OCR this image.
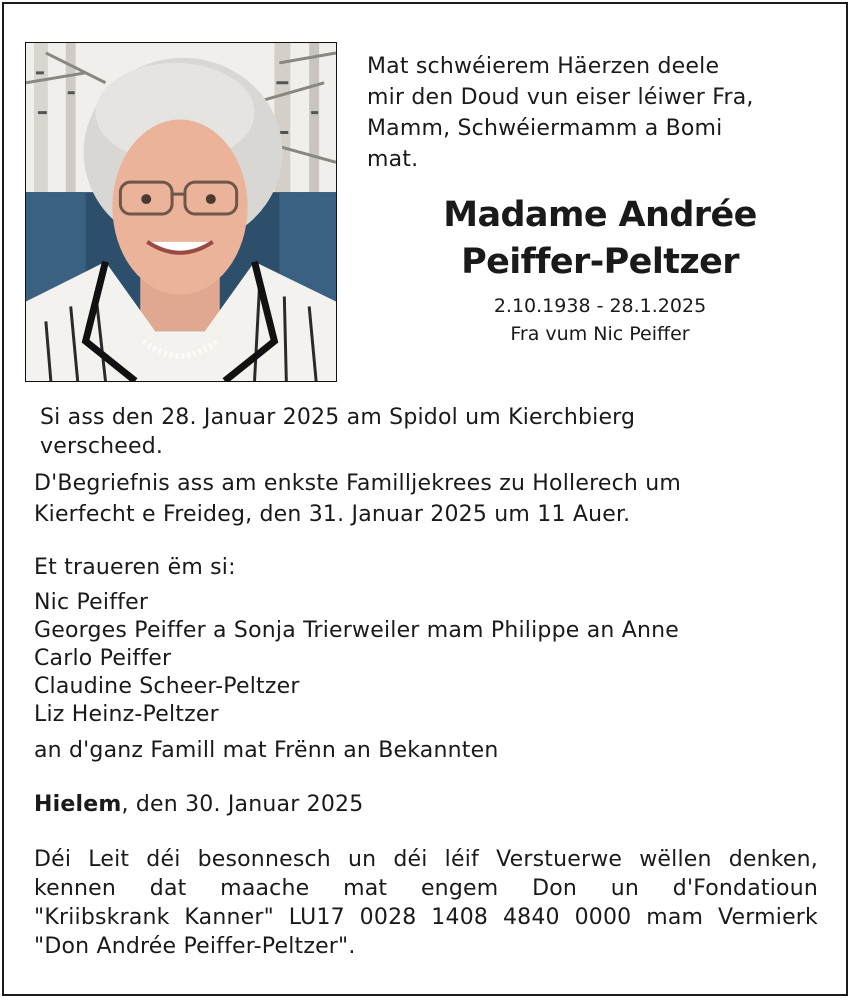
Mat schwéierem Häerzen deele
mir den Doud vun eiser léiwer Fra,
Mamm, Schwéiermamm a Bomi
mat.
Madame Andrée
Peiffer-Peltzer
2.10.1938 - 28.1.2025
Fra vum Nic Peiffer
Si ass den 28. Januar 2025 am Spidol um Kierchbierg
verscheed.
D'Begriefnis ass am enkste Familljekrees zu Hollerech um
Kierfecht e Freideg, den 31. Januar 2025 um 11 Auer.
Et traueren ëm si:
Nic Peiffer
Georges Peiffer a Sonja Trierweiler mam Philippe an Anne
Carlo Peiffer
Claudine Scheer-Peltzer
Liz Heinz-Peltzer
an d'ganz Famill mat Frënn an Bekannten
Hielem, den 30. Januar 2025
Déi Leit déi besonnesch un déi léif Verstuerwe wëllen denken,
kennen dat maache mat engem Don un d'Fondatioun
"Kriibskrank Kanner" LU17 0028 1408 4840 0000 mam Vermierk
"Don Andrée Peiffer-Peltzer".
